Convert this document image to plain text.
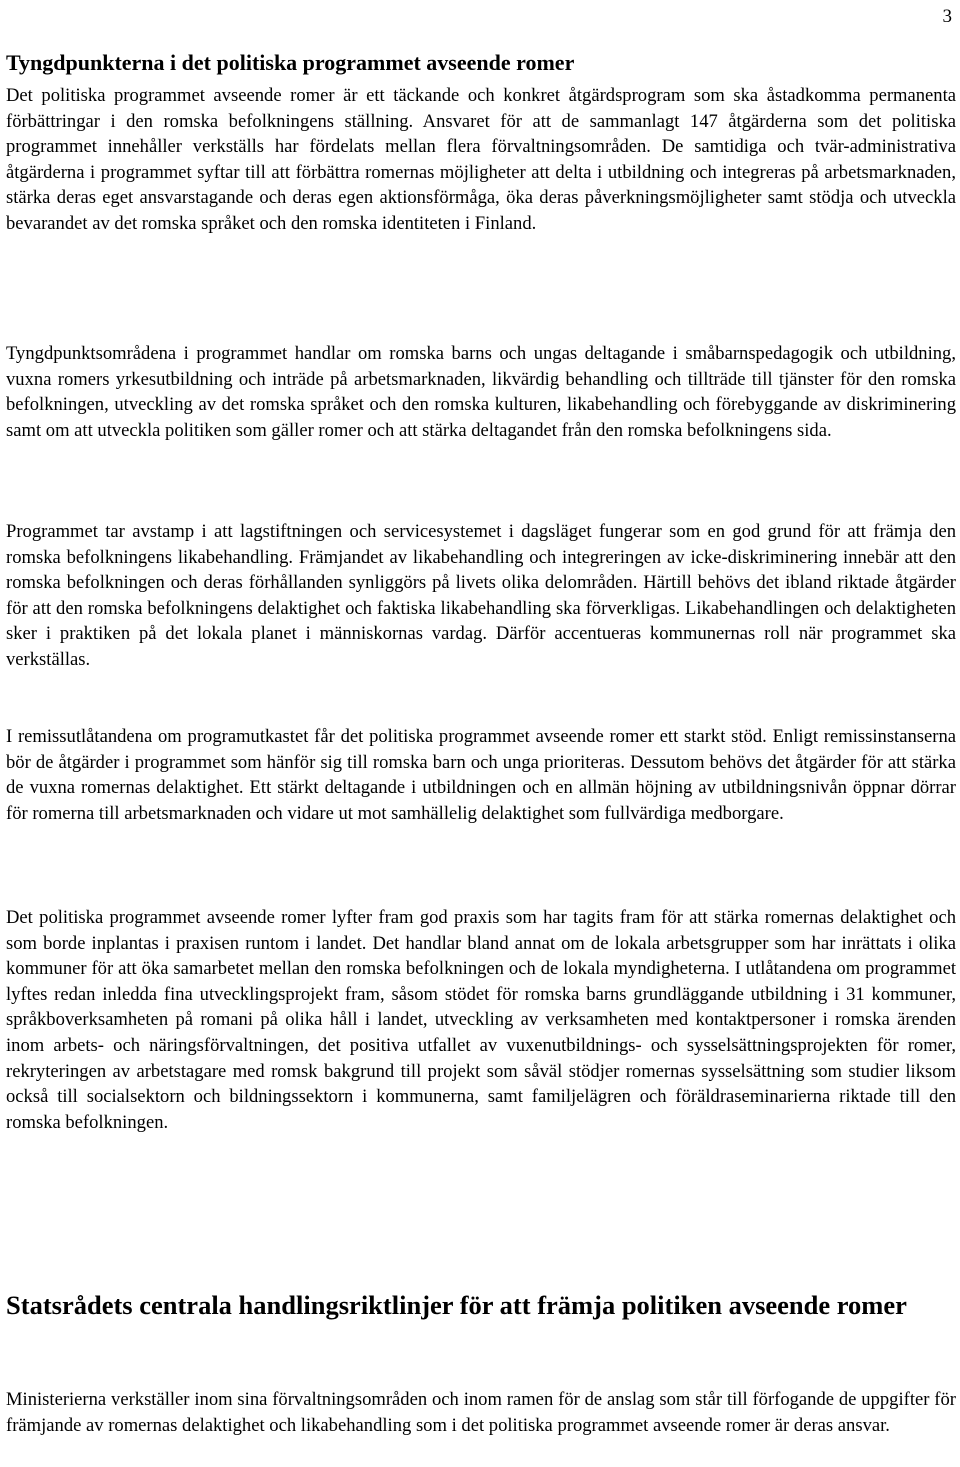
3
Tyngdpunkterna i det politiska programmet avseende romer

Det politiska programmet avseende romer är ett täckande och konkret åtgärdsprogram som ska åstadkomma permanenta förbättringar i den romska befolkningens ställning. Ansvaret för att de sammanlagt 147 åtgärderna som det politiska programmet innehåller verkställs har fördelats mellan flera förvaltningsområden. De samtidiga och tvär-administrativa åtgärderna i programmet syftar till att förbättra romernas möjligheter att delta i utbildning och integreras på arbetsmarknaden, stärka deras eget ansvarstagande och deras egen aktionsförmåga, öka deras påverkningsmöjligheter samt stödja och utveckla bevarandet av det romska språket och den romska identiteten i Finland.

Tyngdpunktsområdena i programmet handlar om romska barns och ungas deltagande i småbarnspedagogik och utbildning, vuxna romers yrkesutbildning och inträde på arbetsmarknaden, likvärdig behandling och tillträde till tjänster för den romska befolkningen, utveckling av det romska språket och den romska kulturen, likabehandling och förebyggande av diskriminering samt om att utveckla politiken som gäller romer och att stärka deltagandet från den romska befolkningens sida.

Programmet tar avstamp i att lagstiftningen och servicesystemet i dagsläget fungerar som en god grund för att främja den romska befolkningens likabehandling. Främjandet av likabehandling och integreringen av icke-diskriminering innebär att den romska befolkningen och deras förhållanden synliggörs på livets olika delområden. Härtill behövs det ibland riktade åtgärder för att den romska befolkningens delaktighet och faktiska likabehandling ska förverkligas. Likabehandlingen och delaktigheten sker i praktiken på det lokala planet i människornas vardag. Därför accentueras kommunernas roll när programmet ska verkställas.

I remissutlåtandena om programutkastet får det politiska programmet avseende romer ett starkt stöd. Enligt remissinstanserna bör de åtgärder i programmet som hänför sig till romska barn och unga prioriteras. Dessutom behövs det åtgärder för att stärka de vuxna romernas delaktighet. Ett stärkt deltagande i utbildningen och en allmän höjning av utbildningsnivån öppnar dörrar för romerna till arbetsmarknaden och vidare ut mot samhällelig delaktighet som fullvärdiga medborgare.

Det politiska programmet avseende romer lyfter fram god praxis som har tagits fram för att stärka romernas delaktighet och som borde inplantas i praxisen runtom i landet. Det handlar bland annat om de lokala arbetsgrupper som har inrättats i olika kommuner för att öka samarbetet mellan den romska befolkningen och de lokala myndigheterna. I utlåtandena om programmet lyftes redan inledda fina utvecklingsprojekt fram, såsom stödet för romska barns grundläggande utbildning i 31 kommuner, språkboverksamheten på romani på olika håll i landet, utveckling av verksamheten med kontaktpersoner i romska ärenden inom arbets- och näringsförvaltningen, det positiva utfallet av vuxenutbildnings- och sysselsättningsprojekten för romer, rekryteringen av arbetstagare med romsk bakgrund till projekt som såväl stödjer romernas sysselsättning som studier liksom också till socialsektorn och bildningssektorn i kommunerna, samt familjelägren och föräldraseminarierna riktade till den romska befolkningen.

Statsrådets centrala handlingsriktlinjer för att främja politiken avseende romer

Ministerierna verkställer inom sina förvaltningsområden och inom ramen för de anslag som står till förfogande de uppgifter för främjande av romernas delaktighet och likabehandling som i det politiska programmet avseende romer är deras ansvar.
